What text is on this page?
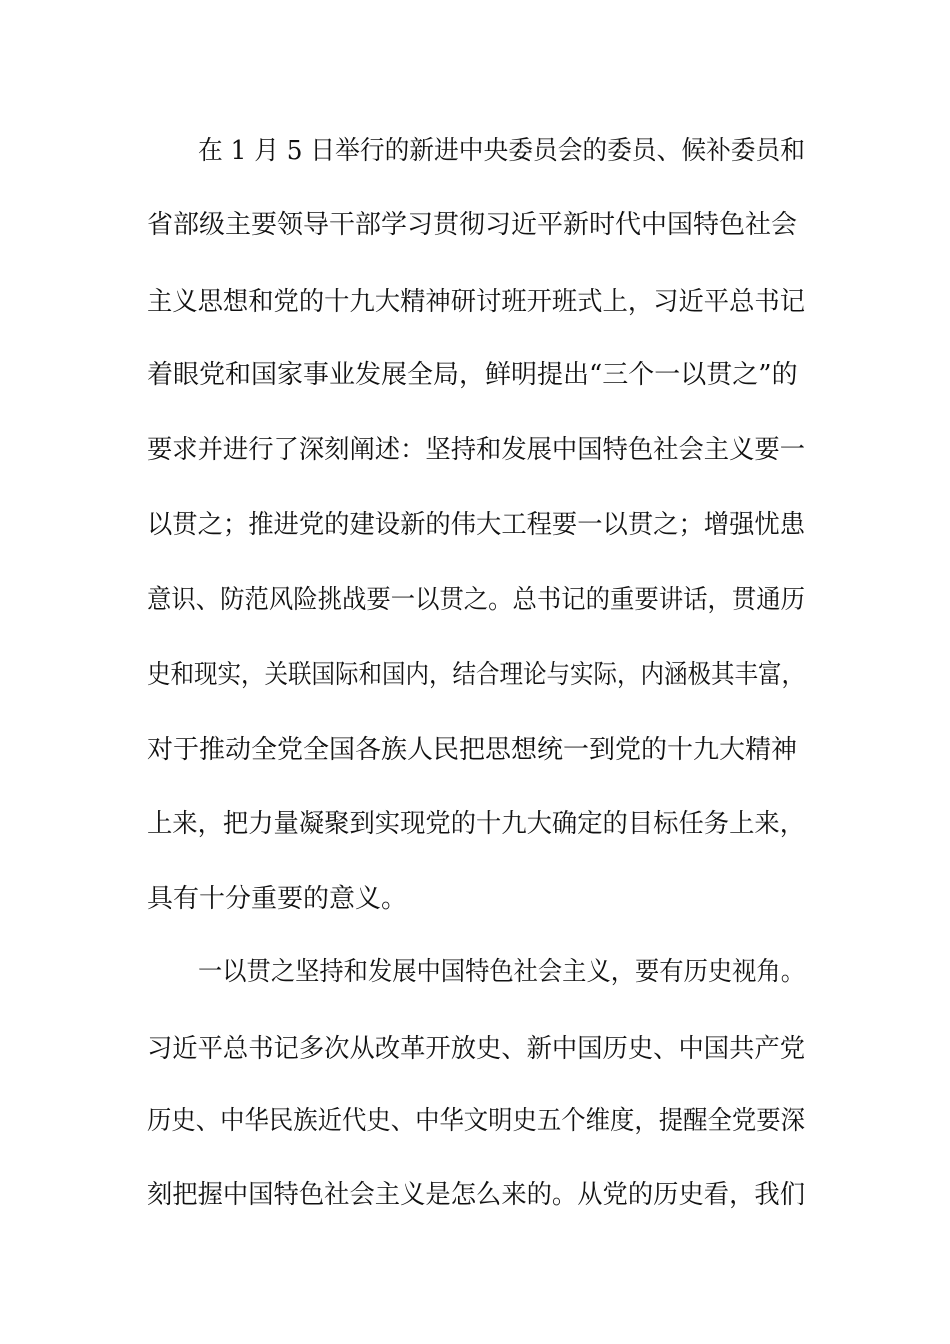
在 1 月 5 日举行的新进中央委员会的委员、候补委员和
省部级主要领导干部学习贯彻习近平新时代中国特色社会
主义思想和党的十九大精神研讨班开班式上，习近平总书记
着眼党和国家事业发展全局，鲜明提出“三个一以贯之”的
要求并进行了深刻阐述：坚持和发展中国特色社会主义要一
以贯之；推进党的建设新的伟大工程要一以贯之；增强忧患
意识、防范风险挑战要一以贯之。总书记的重要讲话，贯通历
史和现实，关联国际和国内，结合理论与实际，内涵极其丰富，
对于推动全党全国各族人民把思想统一到党的十九大精神
上来，把力量凝聚到实现党的十九大确定的目标任务上来，
具有十分重要的意义。
一以贯之坚持和发展中国特色社会主义，要有历史视角。
习近平总书记多次从改革开放史、新中国历史、中国共产党
历史、中华民族近代史、中华文明史五个维度，提醒全党要深
刻把握中国特色社会主义是怎么来的。从党的历史看，我们
